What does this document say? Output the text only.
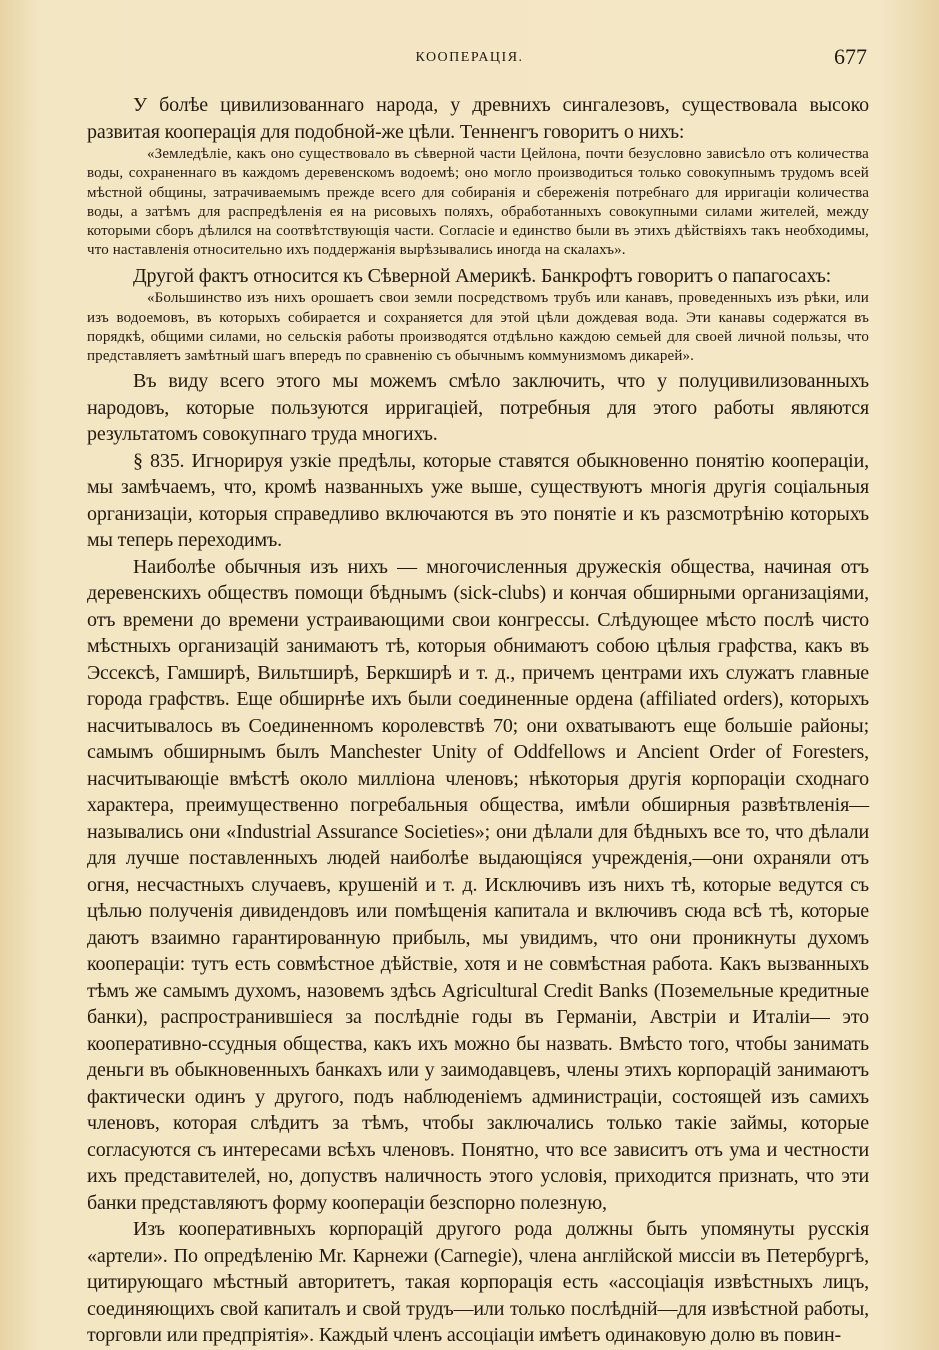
КООПЕРАЦІЯ.	677

У болѣе цивилизованнаго народа, у древнихъ сингалезовъ, существовала высоко развитая кооперація для подобной-же цѣли. Тенненгъ говоритъ о нихъ:

«Земледѣліе, какъ оно существовало въ сѣверной части Цейлона, почти безусловно зависѣло отъ количества воды, сохраненнаго въ каждомъ деревенскомъ водоемѣ; оно могло производиться только совокупнымъ трудомъ всей мѣстной общины, затрачиваемымъ прежде всего для собиранія и сбереженія потребнаго для ирригаціи количества воды, а затѣмъ для распредѣленія ея на рисовыхъ поляхъ, обработанныхъ совокупными силами жителей, между которыми сборъ дѣлился на соотвѣтствующія части. Согласіе и единство были въ этихъ дѣйствіяхъ такъ необходимы, что наставленія относительно ихъ поддержанія вырѣзывались иногда на скалахъ».

Другой фактъ относится къ Сѣверной Америкѣ. Банкрофтъ говоритъ о папагосахъ:

«Большинство изъ нихъ орошаетъ свои земли посредствомъ трубъ или канавъ, проведенныхъ изъ рѣки, или изъ водоемовъ, въ которыхъ собирается и сохраняется для этой цѣли дождевая вода. Эти канавы содержатся въ порядкѣ, общими силами, но сельскія работы производятся отдѣльно каждою семьей для своей личной пользы, что представляетъ замѣтный шагъ впередъ по сравненію съ обычнымъ коммунизмомъ дикарей».

Въ виду всего этого мы можемъ смѣло заключить, что у полуцивилизованныхъ народовъ, которые пользуются ирригаціей, потребныя для этого работы являются результатомъ совокупнаго труда многихъ.

§ 835. Игнорируя узкіе предѣлы, которые ставятся обыкновенно понятію коопераціи, мы замѣчаемъ, что, кромѣ названныхъ уже выше, существуютъ многія другія соціальныя организаціи, которыя справедливо включаются въ это понятіе и къ разсмотрѣнію которыхъ мы теперь переходимъ.

Наиболѣе обычныя изъ нихъ — многочисленныя дружескія общества, начиная отъ деревенскихъ обществъ помощи бѣднымъ (sick-clubs) и кончая обширными организаціями, отъ времени до времени устраивающими свои конгрессы. Слѣдующее мѣсто послѣ чисто мѣстныхъ организацій занимаютъ тѣ, которыя обнимаютъ собою цѣлыя графства, какъ въ Эссексѣ, Гамширѣ, Вильтширѣ, Беркширѣ и т. д., причемъ центрами ихъ служатъ главные города графствъ. Еще обширнѣе ихъ были соединенные ордена (affiliated orders), которыхъ насчитывалось въ Соединенномъ королевствѣ 70; они охватываютъ еще большіе районы; самымъ обширнымъ былъ Manchester Unity of Oddfellows и Ancient Order of Foresters, насчитывающіе вмѣстѣ около милліона членовъ; нѣкоторыя другія корпораціи сходнаго характера, преимущественно погребальныя общества, имѣли обширныя развѣтвленія— назывались они «Industrial Assurance Societies»; они дѣлали для бѣдныхъ все то, что дѣлали для лучше поставленныхъ людей наиболѣе выдающіяся учрежденія,—они охраняли отъ огня, несчастныхъ случаевъ, крушеній и т. д. Исключивъ изъ нихъ тѣ, которые ведутся съ цѣлью полученія дивидендовъ или помѣщенія капитала и включивъ сюда всѣ тѣ, которые даютъ взаимно гарантированную прибыль, мы увидимъ, что они проникнуты духомъ коопераціи: тутъ есть совмѣстное дѣйствіе, хотя и не совмѣстная работа. Какъ вызванныхъ тѣмъ же самымъ духомъ, назовемъ здѣсь Agricultural Credit Banks (Поземельные кредитные банки), распространившіеся за послѣдніе годы въ Германіи, Австріи и Италіи— это кооперативно-ссудныя общества, какъ ихъ можно бы назвать. Вмѣсто того, чтобы занимать деньги въ обыкновенныхъ банкахъ или у заимодавцевъ, члены этихъ корпорацій занимаютъ фактически одинъ у другого, подъ наблюденіемъ администраціи, состоящей изъ самихъ членовъ, которая слѣдитъ за тѣмъ, чтобы заключались только такіе займы, которые согласуются съ интересами всѣхъ членовъ. Понятно, что все зависитъ отъ ума и честности ихъ представителей, но, допуствъ наличность этого условія, приходится признать, что эти банки представляютъ форму коопераціи безспорно полезную,

Изъ кооперативныхъ корпорацій другого рода должны быть упомянуты русскія «артели». По опредѣленію Mr. Карнежи (Carnegie), члена англійской миссіи въ Петербургѣ, цитирующаго мѣстный авторитетъ, такая корпорація есть «ассоціація извѣстныхъ лицъ, соединяющихъ свой капиталъ и свой трудъ—или только послѣдній—для извѣстной работы, торговли или предпріятія». Каждый членъ ассоціаціи имѣетъ одинаковую долю въ повин-
